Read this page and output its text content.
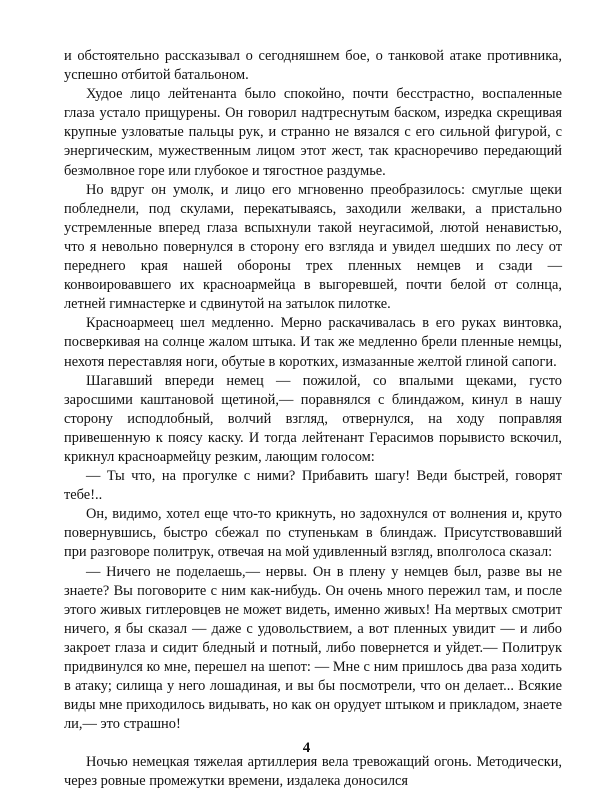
и обстоятельно рассказывал о сегодняшнем бое, о танковой атаке противника, успешно отбитой батальоном.

Худое лицо лейтенанта было спокойно, почти бесстрастно, воспаленные глаза устало прищурены. Он говорил надтреснутым баском, изредка скрещивая крупные узловатые пальцы рук, и странно не вязался с его сильной фигурой, с энергическим, мужественным лицом этот жест, так красноречиво передающий безмолвное горе или глубокое и тягостное раздумье.

Но вдруг он умолк, и лицо его мгновенно преобразилось: смуглые щеки побледнели, под скулами, перекатываясь, заходили желваки, а пристально устремленные вперед глаза вспыхнули такой неугасимой, лютой ненавистью, что я невольно повернулся в сторону его взгляда и увидел шедших по лесу от переднего края нашей обороны трех пленных немцев и сзади — конвоировавшего их красноармейца в выгоревшей, почти белой от солнца, летней гимнастерке и сдвинутой на затылок пилотке.

Красноармеец шел медленно. Мерно раскачивалась в его руках винтовка, посверкивая на солнце жалом штыка. И так же медленно брели пленные немцы, нехотя переставляя ноги, обутые в коротких, измазанные желтой глиной сапоги.

Шагавший впереди немец — пожилой, со впалыми щеками, густо заросшими каштановой щетиной,— поравнялся с блиндажом, кинул в нашу сторону исподлобный, волчий взгляд, отвернулся, на ходу поправляя привешенную к поясу каску. И тогда лейтенант Герасимов порывисто вскочил, крикнул красноармейцу резким, лающим голосом:

— Ты что, на прогулке с ними? Прибавить шагу! Веди быстрей, говорят тебе!..

Он, видимо, хотел еще что-то крикнуть, но задохнулся от волнения и, круто повернувшись, быстро сбежал по ступенькам в блиндаж. Присутствовавший при разговоре политрук, отвечая на мой удивленный взгляд, вполголоса сказал:

— Ничего не поделаешь,— нервы. Он в плену у немцев был, разве вы не знаете? Вы поговорите с ним как-нибудь. Он очень много пережил там, и после этого живых гитлеровцев не может видеть, именно живых! На мертвых смотрит ничего, я бы сказал — даже с удовольствием, а вот пленных увидит — и либо закроет глаза и сидит бледный и потный, либо повернется и уйдет.— Политрук придвинулся ко мне, перешел на шепот: — Мне с ним пришлось два раза ходить в атаку; силища у него лошадиная, и вы бы посмотрели, что он делает... Всякие виды мне приходилось видывать, но как он орудует штыком и прикладом, знаете ли,— это страшно!

Ночью немецкая тяжелая артиллерия вела тревожащий огонь. Методически, через ровные промежутки времени, издалека доносился

4
